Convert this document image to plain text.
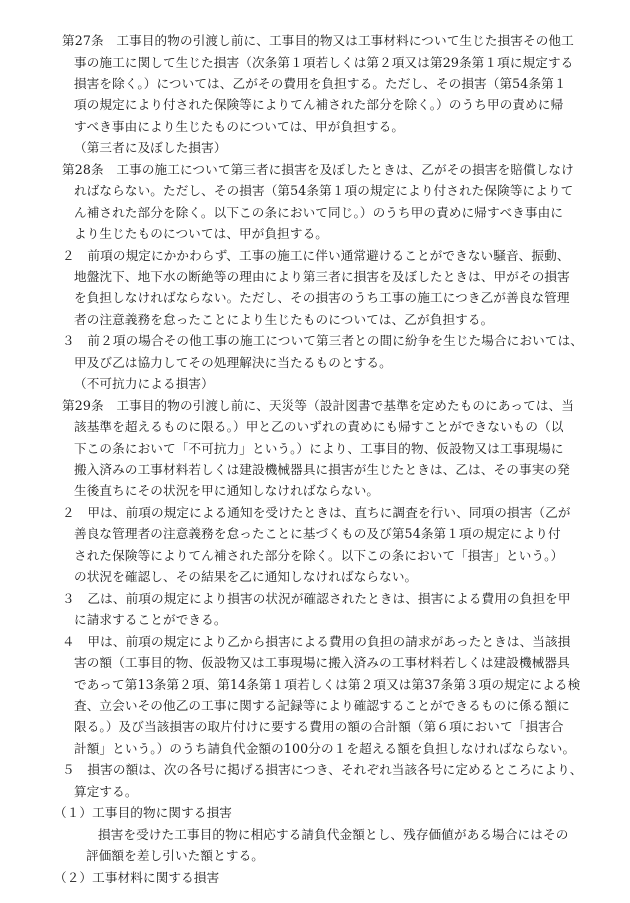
第27条　工事目的物の引渡し前に、工事目的物又は工事材料について生じた損害その他工
事の施工に関して生じた損害（次条第１項若しくは第２項又は第29条第１項に規定する
損害を除く。）については、乙がその費用を負担する。ただし、その損害（第54条第１
項の規定により付された保険等によりてん補された部分を除く。）のうち甲の責めに帰
すべき事由により生じたものについては、甲が負担する。
（第三者に及ぼした損害）
第28条　工事の施工について第三者に損害を及ぼしたときは、乙がその損害を賠償しなけ
ればならない。ただし、その損害（第54条第１項の規定により付された保険等によりて
ん補された部分を除く。以下この条において同じ。）のうち甲の責めに帰すべき事由に
より生じたものについては、甲が負担する。
２　前項の規定にかかわらず、工事の施工に伴い通常避けることができない騒音、振動、
地盤沈下、地下水の断絶等の理由により第三者に損害を及ぼしたときは、甲がその損害
を負担しなければならない。ただし、その損害のうち工事の施工につき乙が善良な管理
者の注意義務を怠ったことにより生じたものについては、乙が負担する。
３　前２項の場合その他工事の施工について第三者との間に紛争を生じた場合においては、
甲及び乙は協力してその処理解決に当たるものとする。
（不可抗力による損害）
第29条　工事目的物の引渡し前に、天災等（設計図書で基準を定めたものにあっては、当
該基準を超えるものに限る。）甲と乙のいずれの責めにも帰すことができないもの（以
下この条において「不可抗力」という。）により、工事目的物、仮設物又は工事現場に
搬入済みの工事材料若しくは建設機械器具に損害が生じたときは、乙は、その事実の発
生後直ちにその状況を甲に通知しなければならない。
２　甲は、前項の規定による通知を受けたときは、直ちに調査を行い、同項の損害（乙が
善良な管理者の注意義務を怠ったことに基づくもの及び第54条第１項の規定により付
された保険等によりてん補された部分を除く。以下この条において「損害」という。）
の状況を確認し、その結果を乙に通知しなければならない。
３　乙は、前項の規定により損害の状況が確認されたときは、損害による費用の負担を甲
に請求することができる。
４　甲は、前項の規定により乙から損害による費用の負担の請求があったときは、当該損
害の額（工事目的物、仮設物又は工事現場に搬入済みの工事材料若しくは建設機械器具
であって第13条第２項、第14条第１項若しくは第２項又は第37条第３項の規定による検
査、立会いその他乙の工事に関する記録等により確認することができるものに係る額に
限る。）及び当該損害の取片付けに要する費用の額の合計額（第６項において「損害合
計額」という。）のうち請負代金額の100分の１を超える額を負担しなければならない。
５　損害の額は、次の各号に掲げる損害につき、それぞれ当該各号に定めるところにより、
算定する。
（１）工事目的物に関する損害
損害を受けた工事目的物に相応する請負代金額とし、残存価値がある場合にはその
評価額を差し引いた額とする。
（２）工事材料に関する損害
